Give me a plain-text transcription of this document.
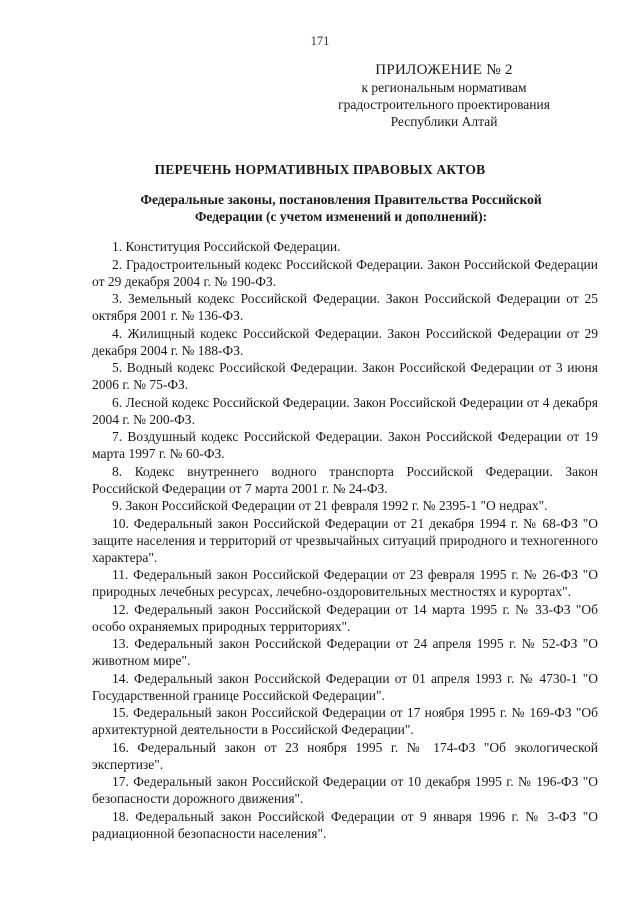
171
ПРИЛОЖЕНИЕ № 2
к региональным нормативам
градостроительного проектирования
Республики Алтай
ПЕРЕЧЕНЬ НОРМАТИВНЫХ ПРАВОВЫХ АКТОВ
Федеральные законы, постановления Правительства Российской
Федерации (с учетом изменений и дополнений):

1. Конституция Российской Федерации.

2. Градостроительный кодекс Российской Федерации. Закон Российской Федерации от 29 декабря 2004 г. № 190-ФЗ.

3. Земельный кодекс Российской Федерации. Закон Российской Федерации от 25 октября 2001 г. № 136-ФЗ.

4. Жилищный кодекс Российской Федерации. Закон Российской Федерации от 29 декабря 2004 г. № 188-ФЗ.

5. Водный кодекс Российской Федерации. Закон Российской Федерации от 3 июня 2006 г. № 75-ФЗ.

6. Лесной кодекс Российской Федерации. Закон Российской Федерации от 4 декабря 2004 г. № 200-ФЗ.

7. Воздушный кодекс Российской Федерации. Закон Российской Федерации от 19 марта 1997 г. № 60-ФЗ.

8. Кодекс внутреннего водного транспорта Российской Федерации. Закон Российской Федерации от 7 марта 2001 г. № 24-ФЗ.

9. Закон Российской Федерации от 21 февраля 1992 г. № 2395-1 "О недрах".

10. Федеральный закон Российской Федерации от 21 декабря 1994 г. № 68-ФЗ "О защите населения и территорий от чрезвычайных ситуаций природного и техногенного характера".

11. Федеральный закон Российской Федерации от 23 февраля 1995 г. № 26-ФЗ "О природных лечебных ресурсах, лечебно-оздоровительных местностях и курортах".

12. Федеральный закон Российской Федерации от 14 марта 1995 г. № 33-ФЗ "Об особо охраняемых природных территориях".

13. Федеральный закон Российской Федерации от 24 апреля 1995 г. № 52-ФЗ "О животном мире".

14. Федеральный закон Российской Федерации от 01 апреля 1993 г. № 4730-1 "О Государственной границе Российской Федерации".

15. Федеральный закон Российской Федерации от 17 ноября 1995 г. № 169-ФЗ "Об архитектурной деятельности в Российской Федерации".

16. Федеральный закон от 23 ноября 1995 г. № 174-ФЗ "Об экологической экспертизе".

17. Федеральный закон Российской Федерации от 10 декабря 1995 г. № 196-ФЗ "О безопасности дорожного движения".

18. Федеральный закон Российской Федерации от 9 января 1996 г. № 3-ФЗ "О радиационной безопасности населения".
